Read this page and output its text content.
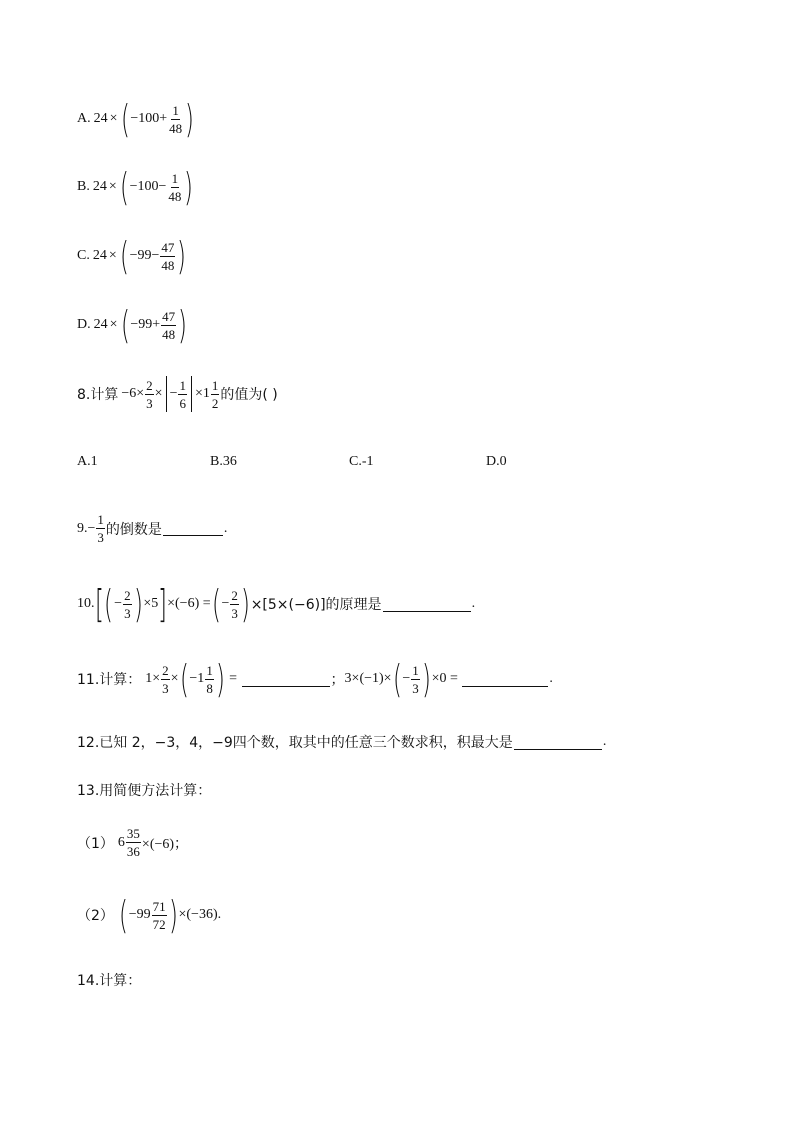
A. 24 × ( $-100+ \frac{1}{48}$ )
B. 24 × ( $-100- \frac{1}{48}$ )
C. 24 × ( $-99- \frac{47}{48}$ )
D. 24 × ( $-99+ \frac{47}{48}$ )
8.计算 $-6\times \frac{2}{3}$ × − $\frac{1}{6} \times 1 \frac{1}{2}$ 的值为( )
A.1	B.36	C.-1	D.0
9. − $\frac{1}{3}$ 的倒数是	.
10. [ ( − $\frac{2}{3}$ ) ×5 ] ×(−6) = ( − $\frac{2}{3}$ ) ×[5×(−6)]的原理是	.
11.计算： $1\times \frac{2}{3}$ × ( $-1 \frac{1}{8}$ ) =	； 3×(−1)× ( − $\frac{1}{3}$ ) ×0 =	.
12.已知 2，−3，4，−9四个数，取其中的任意三个数求积，积最大是	.
13.用简便方法计算：
（1） $6 \frac{35}{36} \times(-6)$；
（2） ( $-99 \frac{71}{72}$ ) ×(−36).
14.计算：
